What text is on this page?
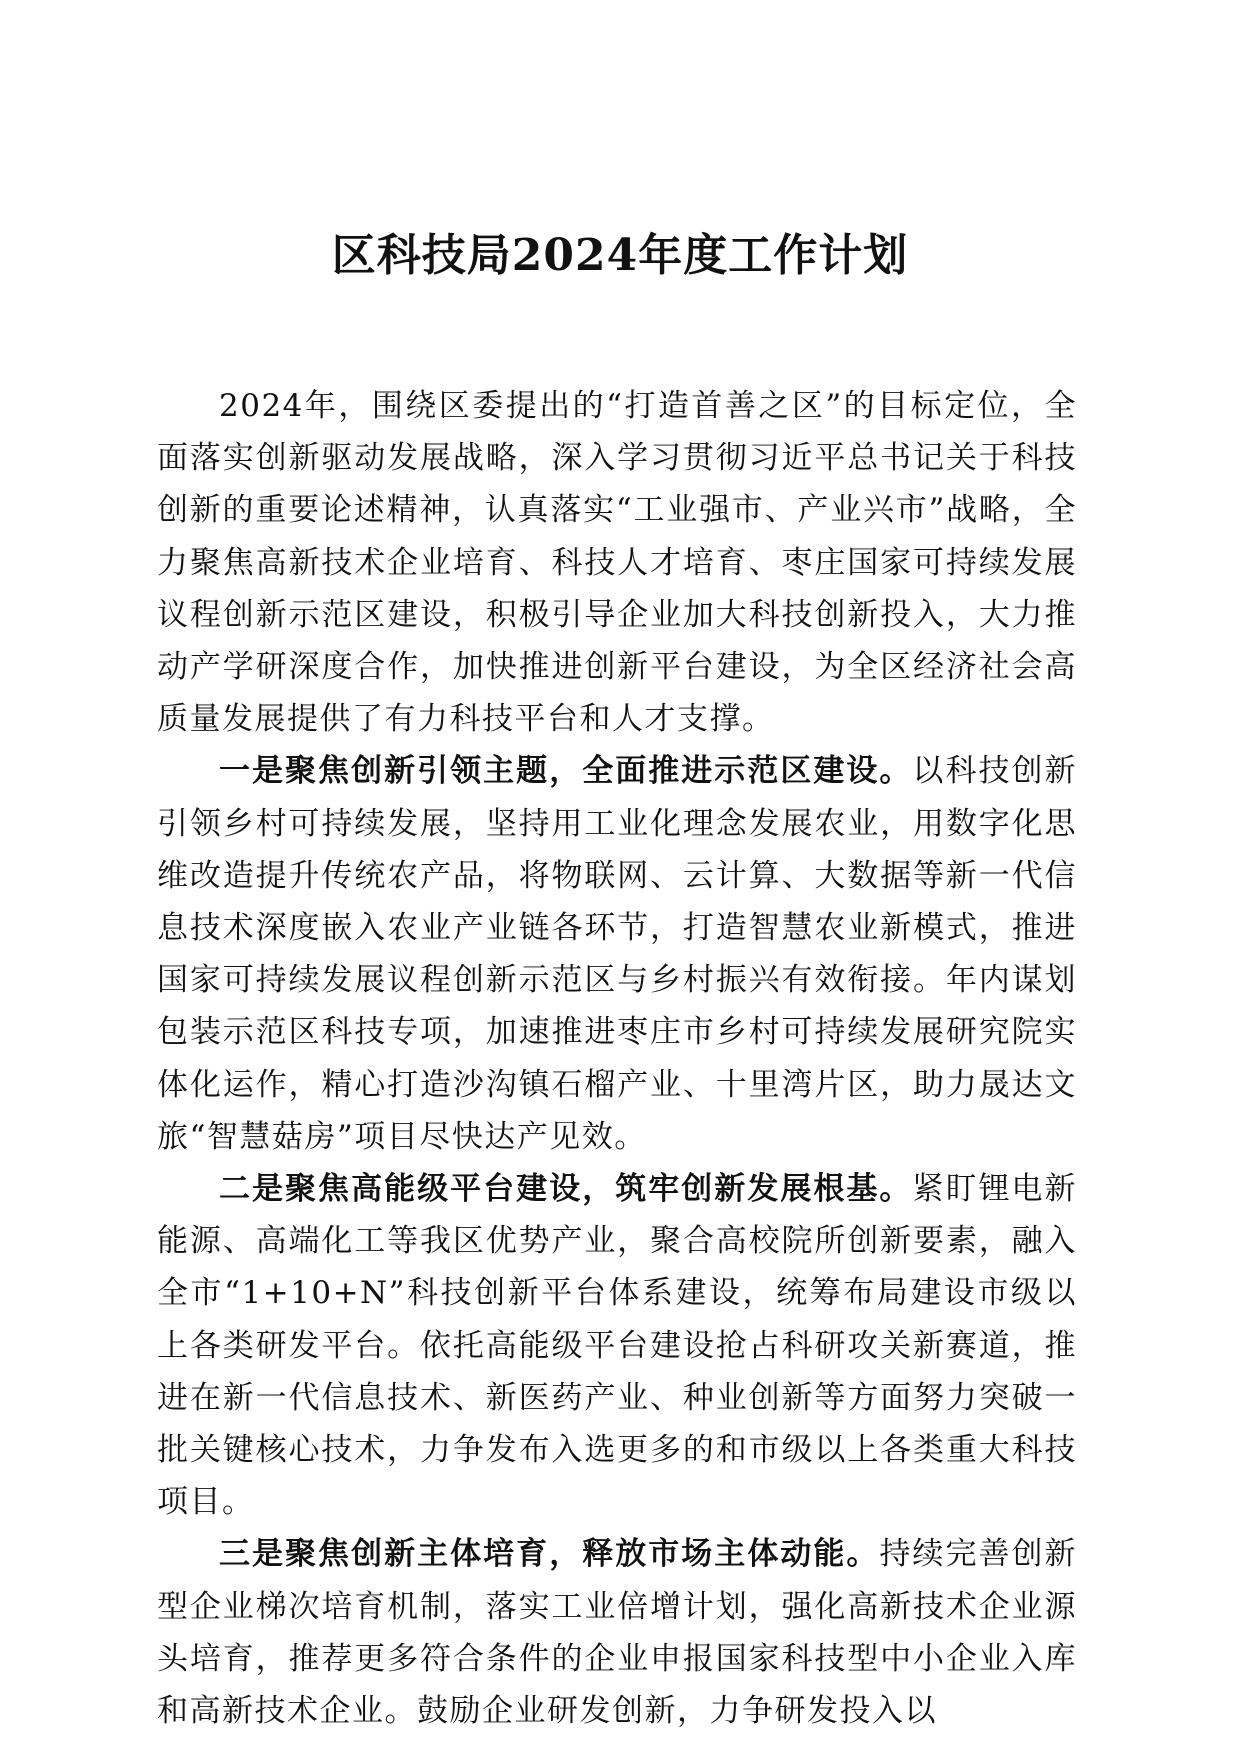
区科技局2024年度工作计划

2024年，围绕区委提出的“打造首善之区”的目标定位，全面落实创新驱动发展战略，深入学习贯彻习近平总书记关于科技创新的重要论述精神，认真落实“工业强市、产业兴市”战略，全力聚焦高新技术企业培育、科技人才培育、枣庄国家可持续发展议程创新示范区建设，积极引导企业加大科技创新投入，大力推动产学研深度合作，加快推进创新平台建设，为全区经济社会高质量发展提供了有力科技平台和人才支撑。

一是聚焦创新引领主题，全面推进示范区建设。以科技创新引领乡村可持续发展，坚持用工业化理念发展农业，用数字化思维改造提升传统农产品，将物联网、云计算、大数据等新一代信息技术深度嵌入农业产业链各环节，打造智慧农业新模式，推进国家可持续发展议程创新示范区与乡村振兴有效衔接。年内谋划包装示范区科技专项，加速推进枣庄市乡村可持续发展研究院实体化运作，精心打造沙沟镇石榴产业、十里湾片区，助力晟达文旅“智慧菇房”项目尽快达产见效。

二是聚焦高能级平台建设，筑牢创新发展根基。紧盯锂电新能源、高端化工等我区优势产业，聚合高校院所创新要素，融入全市“1+10+N”科技创新平台体系建设，统筹布局建设市级以上各类研发平台。依托高能级平台建设抢占科研攻关新赛道，推进在新一代信息技术、新医药产业、种业创新等方面努力突破一批关键核心技术，力争发布入选更多的和市级以上各类重大科技项目。

三是聚焦创新主体培育，释放市场主体动能。持续完善创新型企业梯次培育机制，落实工业倍增计划，强化高新技术企业源头培育，推荐更多符合条件的企业申报国家科技型中小企业入库和高新技术企业。鼓励企业研发创新，力争研发投入以
